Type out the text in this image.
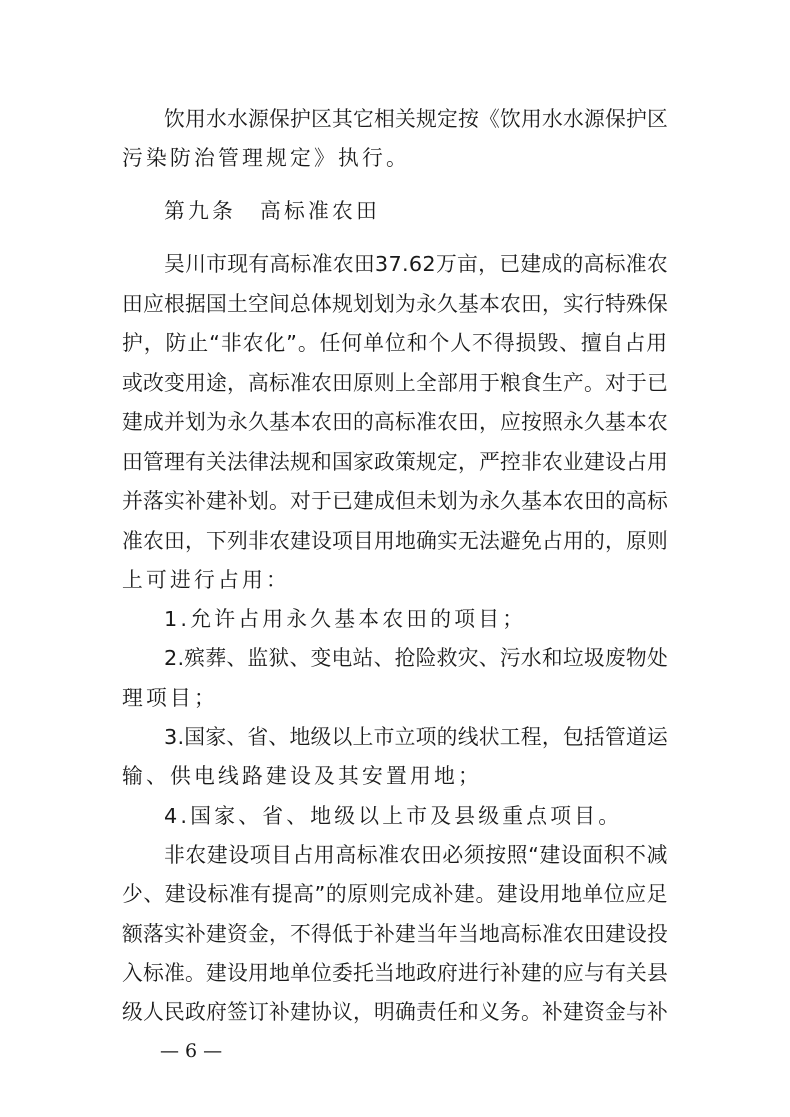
饮用水水源保护区其它相关规定按《饮用水水源保护区
污染防治管理规定》执行。
第九条　高标准农田
吴川市现有高标准农田37.62万亩，已建成的高标准农
田应根据国土空间总体规划划为永久基本农田，实行特殊保
护，防止“非农化”。任何单位和个人不得损毁、擅自占用
或改变用途，高标准农田原则上全部用于粮食生产。对于已
建成并划为永久基本农田的高标准农田，应按照永久基本农
田管理有关法律法规和国家政策规定，严控非农业建设占用
并落实补建补划。对于已建成但未划为永久基本农田的高标
准农田，下列非农建设项目用地确实无法避免占用的，原则
上可进行占用：
1.允许占用永久基本农田的项目；
2.殡葬、监狱、变电站、抢险救灾、污水和垃圾废物处
理项目；
3.国家、省、地级以上市立项的线状工程，包括管道运
输、供电线路建设及其安置用地；
4.国家、省、地级以上市及县级重点项目。
非农建设项目占用高标准农田必须按照“建设面积不减
少、建设标准有提高”的原则完成补建。建设用地单位应足
额落实补建资金，不得低于补建当年当地高标准农田建设投
入标准。建设用地单位委托当地政府进行补建的应与有关县
级人民政府签订补建协议，明确责任和义务。补建资金与补
— 6 —
